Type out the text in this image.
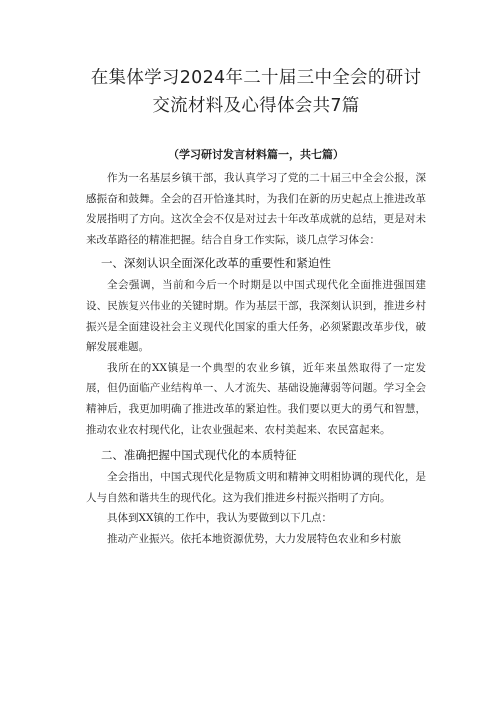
在集体学习2024年二十届三中全会的研讨
交流材料及心得体会共7篇
（学习研讨发言材料篇一，共七篇）

作为一名基层乡镇干部，我认真学习了党的二十届三中全会公报，深感振奋和鼓舞。全会的召开恰逢其时，为我们在新的历史起点上推进改革发展指明了方向。这次全会不仅是对过去十年改革成就的总结，更是对未来改革路径的精准把握。结合自身工作实际，谈几点学习体会：

一、深刻认识全面深化改革的重要性和紧迫性

全会强调，当前和今后一个时期是以中国式现代化全面推进强国建设、民族复兴伟业的关键时期。作为基层干部，我深刻认识到，推进乡村振兴是全面建设社会主义现代化国家的重大任务，必须紧跟改革步伐，破解发展难题。

我所在的XX镇是一个典型的农业乡镇，近年来虽然取得了一定发展，但仍面临产业结构单一、人才流失、基础设施薄弱等问题。学习全会精神后，我更加明确了推进改革的紧迫性。我们要以更大的勇气和智慧，推动农业农村现代化，让农业强起来、农村美起来、农民富起来。

二、准确把握中国式现代化的本质特征

全会指出，中国式现代化是物质文明和精神文明相协调的现代化，是人与自然和谐共生的现代化。这为我们推进乡村振兴指明了方向。

具体到XX镇的工作中，我认为要做到以下几点：

推动产业振兴。依托本地资源优势，大力发展特色农业和乡村旅
